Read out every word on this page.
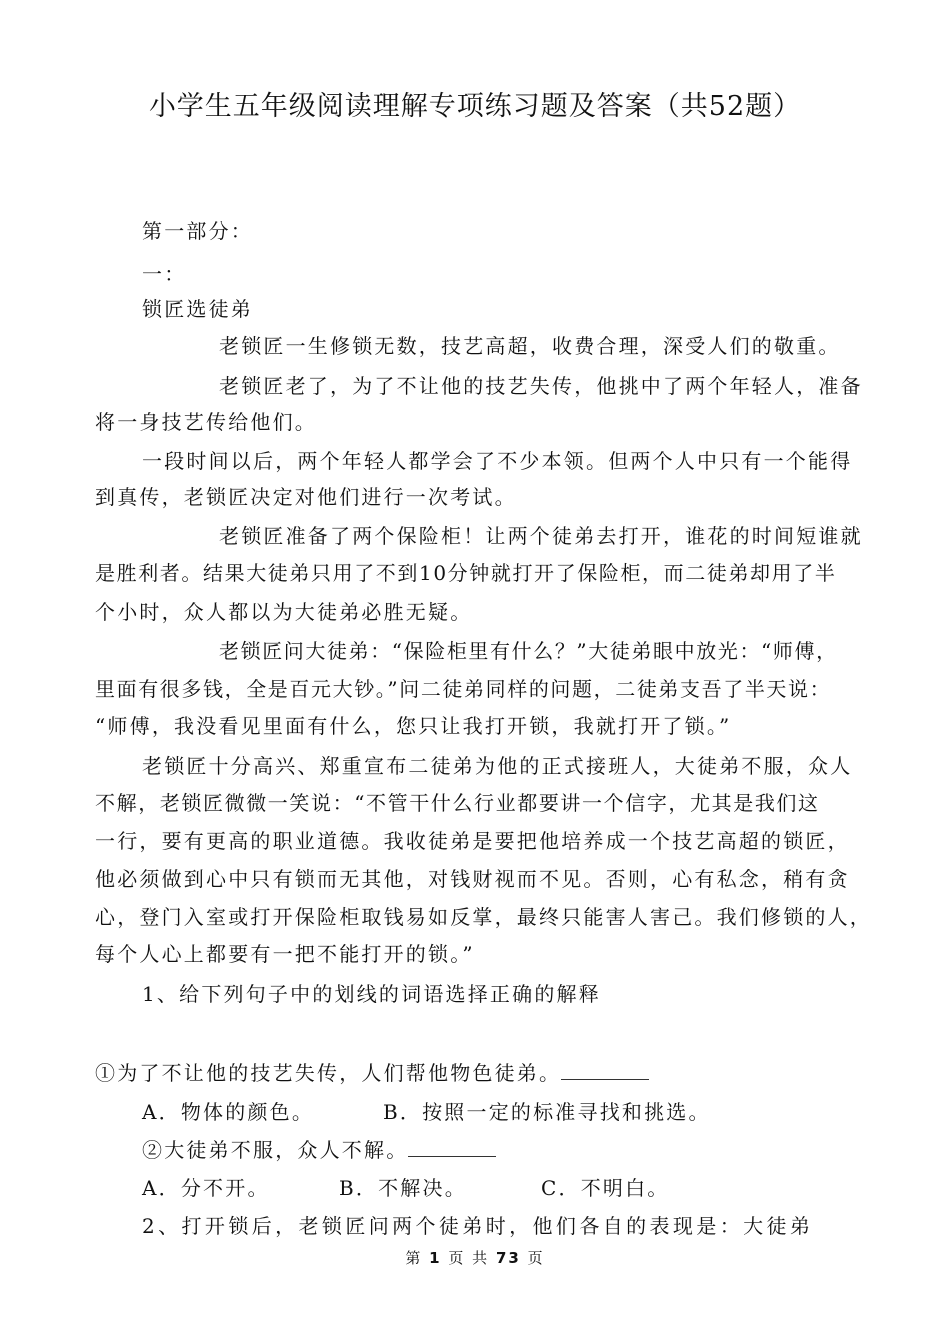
小学生五年级阅读理解专项练习题及答案（共52题）
第一部分：
一：
锁匠选徒弟
老锁匠一生修锁无数，技艺高超，收费合理，深受人们的敬重。
老锁匠老了，为了不让他的技艺失传，他挑中了两个年轻人，准备
将一身技艺传给他们。
一段时间以后，两个年轻人都学会了不少本领。但两个人中只有一个能得
到真传，老锁匠决定对他们进行一次考试。
老锁匠准备了两个保险柜！让两个徒弟去打开，谁花的时间短谁就
是胜利者。结果大徒弟只用了不到10分钟就打开了保险柜，而二徒弟却用了半
个小时，众人都以为大徒弟必胜无疑。
老锁匠问大徒弟：“保险柜里有什么？”大徒弟眼中放光：“师傅，
里面有很多钱，全是百元大钞。”问二徒弟同样的问题，二徒弟支吾了半天说：
“师傅，我没看见里面有什么，您只让我打开锁，我就打开了锁。”
老锁匠十分高兴、郑重宣布二徒弟为他的正式接班人，大徒弟不服，众人
不解，老锁匠微微一笑说：“不管干什么行业都要讲一个信字，尤其是我们这
一行，要有更高的职业道德。我收徒弟是要把他培养成一个技艺高超的锁匠，
他必须做到心中只有锁而无其他，对钱财视而不见。否则，心有私念，稍有贪
心，登门入室或打开保险柜取钱易如反掌，最终只能害人害己。我们修锁的人，
每个人心上都要有一把不能打开的锁。”
1、给下列句子中的划线的词语选择正确的解释
①为了不让他的技艺失传，人们帮他物色徒弟。
A．物体的颜色。	B．按照一定的标准寻找和挑选。
②大徒弟不服，众人不解。
A．分不开。	B．不解决。	C．不明白。
2、打开锁后，老锁匠问两个徒弟时，他们各自的表现是：大徒弟
第 1 页 共 73 页
